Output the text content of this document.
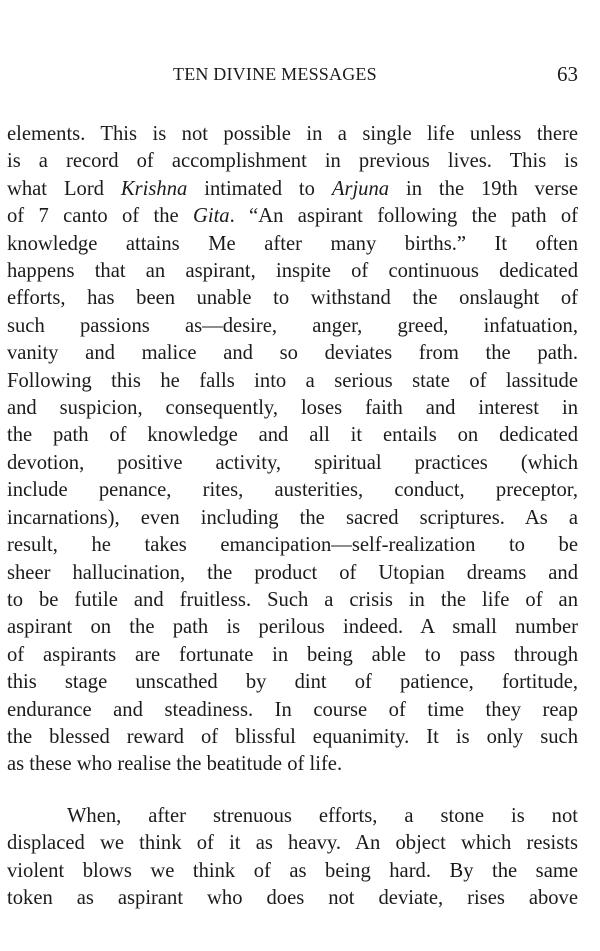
TEN DIVINE MESSAGES	63

elements. This is not possible in a single life unless there
is a record of accomplishment in previous lives. This is
what Lord Krishna intimated to Arjuna in the 19th verse
of 7 canto of the Gita. “An aspirant following the path of
knowledge attains Me after many births.” It often
happens that an aspirant, inspite of continuous dedicated
efforts, has been unable to withstand the onslaught of
such passions as—desire, anger, greed, infatuation,
vanity and malice and so deviates from the path.
Following this he falls into a serious state of lassitude
and suspicion, consequently, loses faith and interest in
the path of knowledge and all it entails on dedicated
devotion, positive activity, spiritual practices (which
include penance, rites, austerities, conduct, preceptor,
incarnations), even including the sacred scriptures. As a
result, he takes emancipation—self-realization to be
sheer hallucination, the product of Utopian dreams and
to be futile and fruitless. Such a crisis in the life of an
aspirant on the path is perilous indeed. A small number
of aspirants are fortunate in being able to pass through
this stage unscathed by dint of patience, fortitude,
endurance and steadiness. In course of time they reap
the blessed reward of blissful equanimity. It is only such
as these who realise the beatitude of life.

When, after strenuous efforts, a stone is not
displaced we think of it as heavy. An object which resists
violent blows we think of as being hard. By the same
token as aspirant who does not deviate, rises above
